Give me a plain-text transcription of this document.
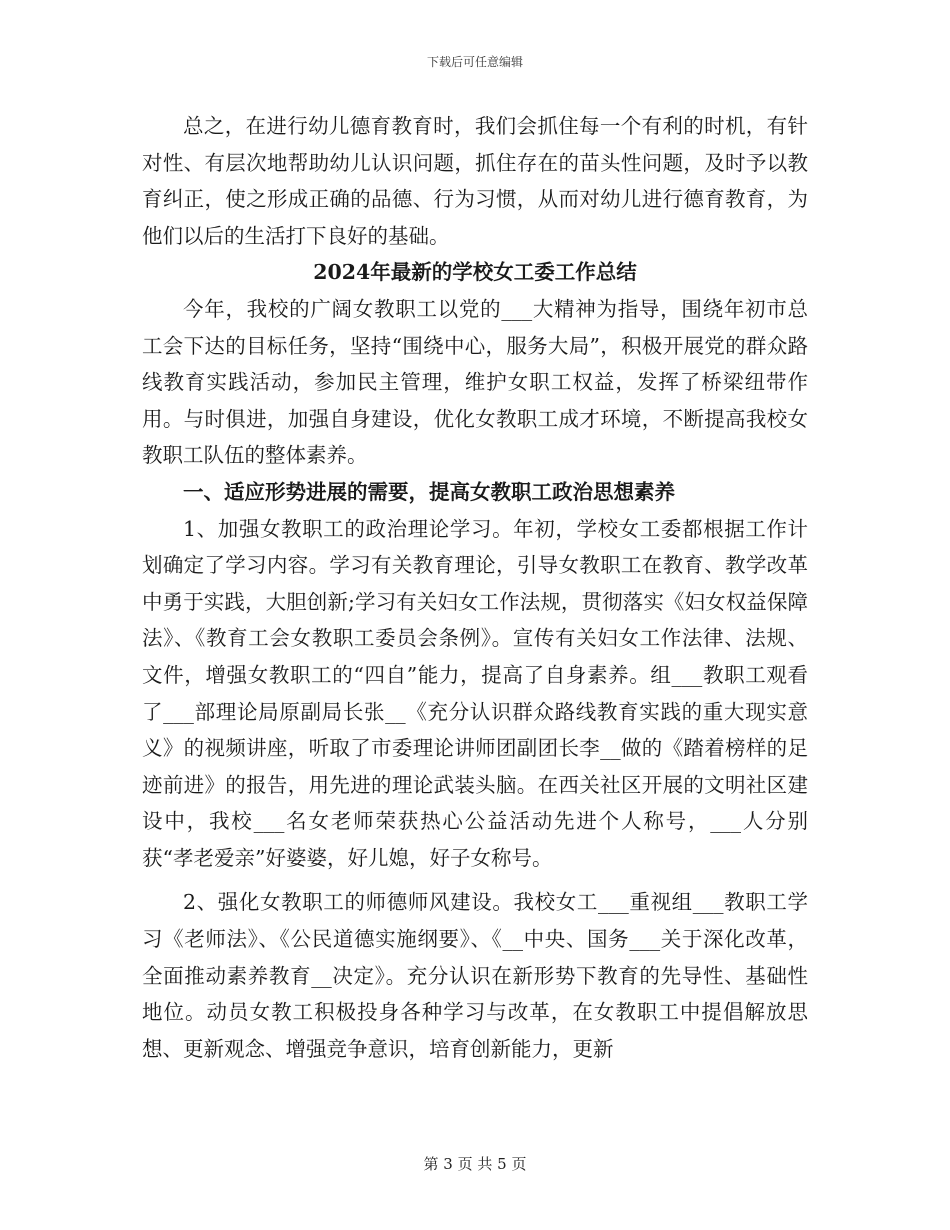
下载后可任意编辑

总之，在进行幼儿德育教育时，我们会抓住每一个有利的时机，有针对性、有层次地帮助幼儿认识问题，抓住存在的苗头性问题，及时予以教育纠正，使之形成正确的品德、行为习惯，从而对幼儿进行德育教育，为他们以后的生活打下良好的基础。

2024年最新的学校女工委工作总结

今年，我校的广阔女教职工以党的___大精神为指导，围绕年初市总工会下达的目标任务，坚持“围绕中心，服务大局”，积极开展党的群众路线教育实践活动，参加民主管理，维护女职工权益，发挥了桥梁纽带作用。与时俱进，加强自身建设，优化女教职工成才环境，不断提高我校女教职工队伍的整体素养。

一、适应形势进展的需要，提高女教职工政治思想素养

1、加强女教职工的政治理论学习。年初，学校女工委都根据工作计划确定了学习内容。学习有关教育理论，引导女教职工在教育、教学改革中勇于实践，大胆创新;学习有关妇女工作法规，贯彻落实《妇女权益保障法》、《教育工会女教职工委员会条例》。宣传有关妇女工作法律、法规、文件，增强女教职工的“四自”能力，提高了自身素养。组___教职工观看了___部理论局原副局长张__《充分认识群众路线教育实践的重大现实意义》的视频讲座，听取了市委理论讲师团副团长李__做的《踏着榜样的足迹前进》的报告，用先进的理论武装头脑。在西关社区开展的文明社区建设中，我校___名女老师荣获热心公益活动先进个人称号，___人分别获“孝老爱亲”好婆婆，好儿媳，好子女称号。

2、强化女教职工的师德师风建设。我校女工___重视组___教职工学习《老师法》、《公民道德实施纲要》、《__中央、国务___关于深化改革，全面推动素养教育__决定》。充分认识在新形势下教育的先导性、基础性地位。动员女教工积极投身各种学习与改革，在女教职工中提倡解放思想、更新观念、增强竞争意识，培育创新能力，更新

第 3 页 共 5 页
